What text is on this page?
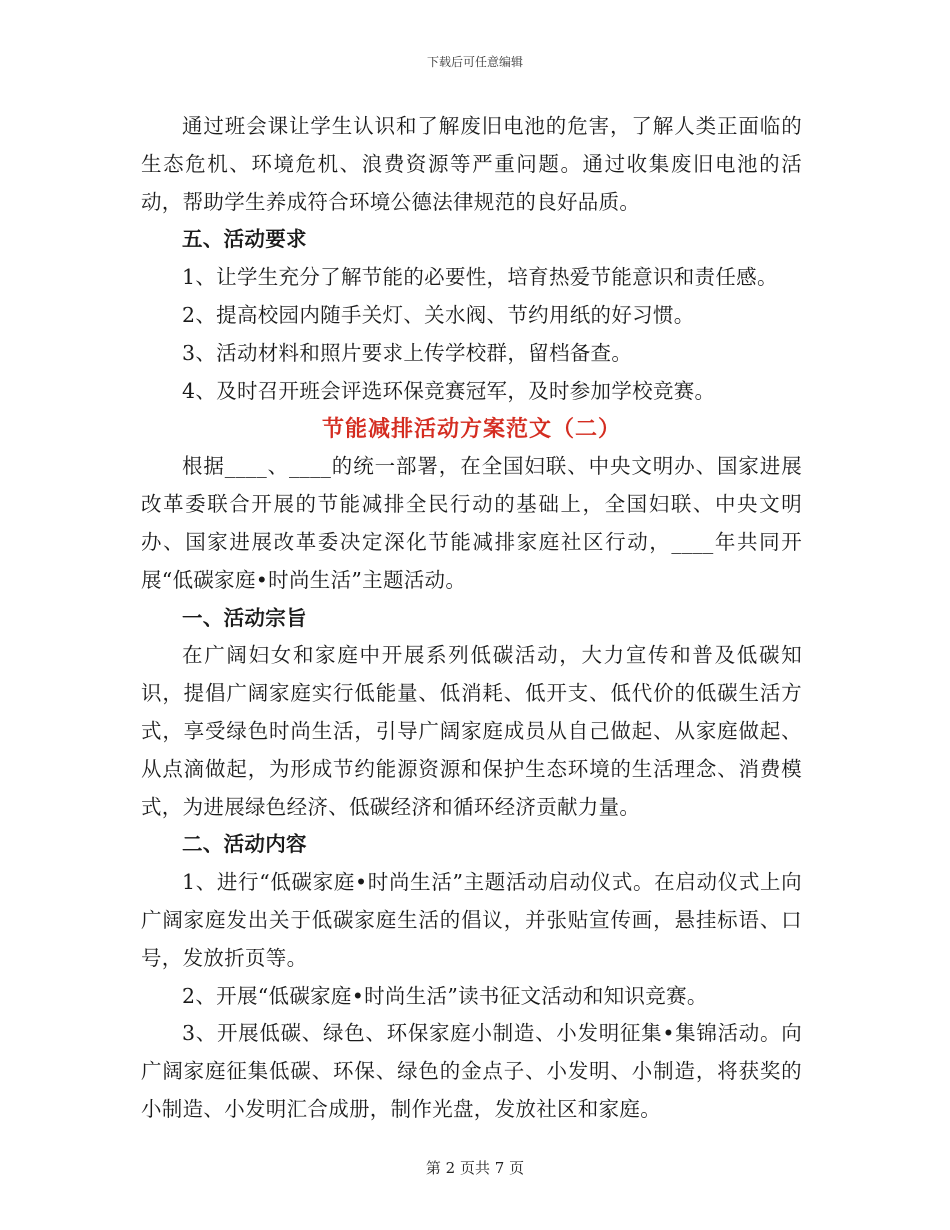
下载后可任意编辑

通过班会课让学生认识和了解废旧电池的危害，了解人类正面临的生态危机、环境危机、浪费资源等严重问题。通过收集废旧电池的活动，帮助学生养成符合环境公德法律规范的良好品质。

五、活动要求

1、让学生充分了解节能的必要性，培育热爱节能意识和责任感。

2、提高校园内随手关灯、关水阀、节约用纸的好习惯。

3、活动材料和照片要求上传学校群，留档备查。

4、及时召开班会评选环保竞赛冠军，及时参加学校竞赛。

节能减排活动方案范文（二）

根据____、____的统一部署，在全国妇联、中央文明办、国家进展改革委联合开展的节能减排全民行动的基础上，全国妇联、中央文明办、国家进展改革委决定深化节能减排家庭社区行动，____年共同开展“低碳家庭•时尚生活”主题活动。

一、活动宗旨

在广阔妇女和家庭中开展系列低碳活动，大力宣传和普及低碳知识，提倡广阔家庭实行低能量、低消耗、低开支、低代价的低碳生活方式，享受绿色时尚生活，引导广阔家庭成员从自己做起、从家庭做起、从点滴做起，为形成节约能源资源和保护生态环境的生活理念、消费模式，为进展绿色经济、低碳经济和循环经济贡献力量。

二、活动内容

1、进行“低碳家庭•时尚生活”主题活动启动仪式。在启动仪式上向广阔家庭发出关于低碳家庭生活的倡议，并张贴宣传画，悬挂标语、口号，发放折页等。

2、开展“低碳家庭•时尚生活”读书征文活动和知识竞赛。

3、开展低碳、绿色、环保家庭小制造、小发明征集•集锦活动。向广阔家庭征集低碳、环保、绿色的金点子、小发明、小制造，将获奖的小制造、小发明汇合成册，制作光盘，发放社区和家庭。

第 2 页共 7 页
